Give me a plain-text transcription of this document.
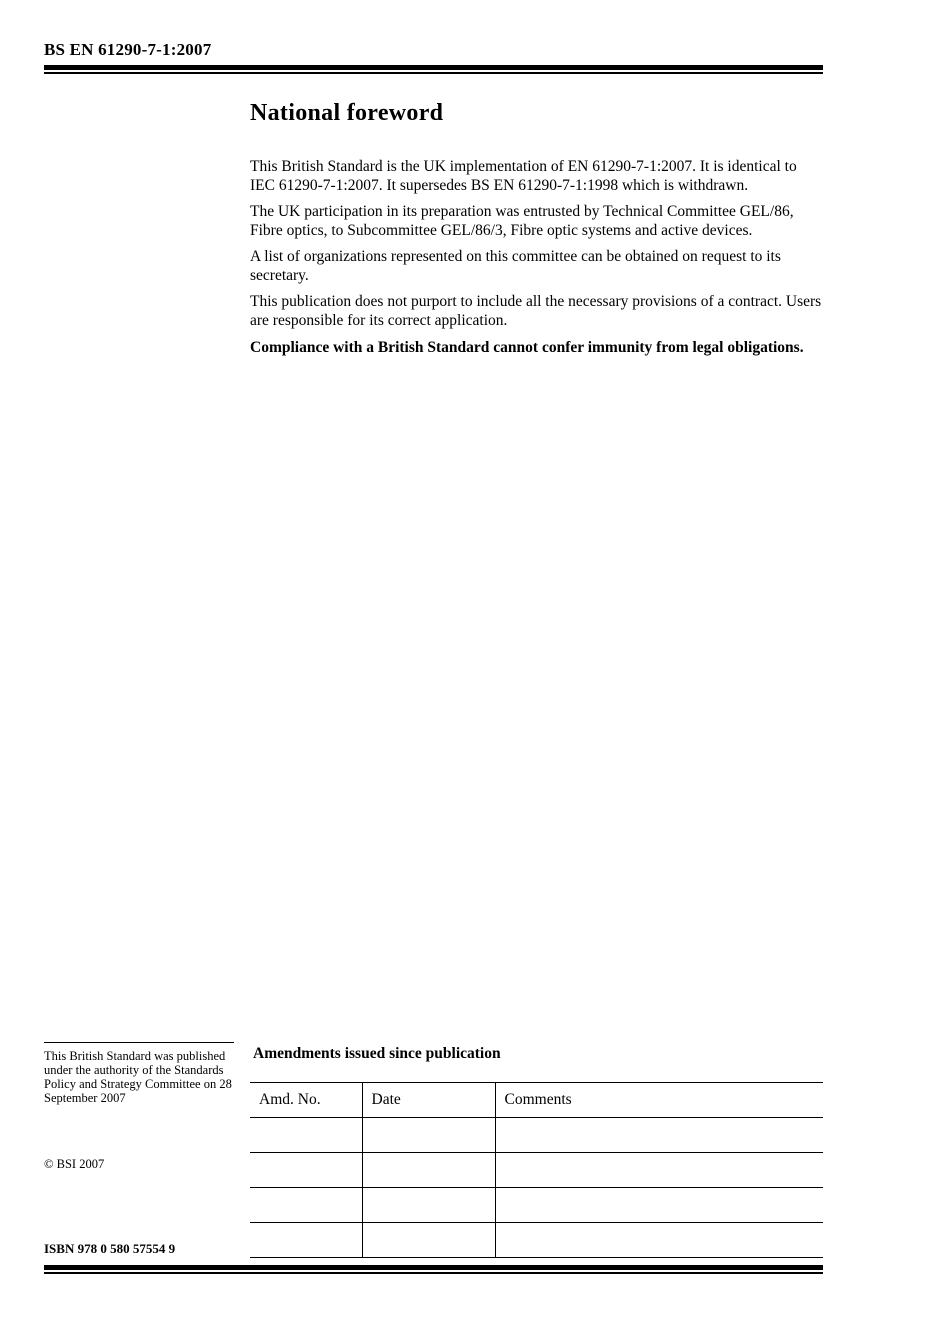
BS EN 61290-7-1:2007
National foreword

This British Standard is the UK implementation of EN 61290-7-1:2007. It is identical to IEC 61290-7-1:2007. It supersedes BS EN 61290-7-1:1998 which is withdrawn.

The UK participation in its preparation was entrusted by Technical Committee GEL/86, Fibre optics, to Subcommittee GEL/86/3, Fibre optic systems and active devices.

A list of organizations represented on this committee can be obtained on request to its secretary.

This publication does not purport to include all the necessary provisions of a contract. Users are responsible for its correct application.

Compliance with a British Standard cannot confer immunity from legal obligations.

This British Standard was published under the authority of the Standards Policy and Strategy Committee on 28 September 2007

© BSI 2007
ISBN 978 0 580 57554 9
Amendments issued since publication
Amd. No.	Date	Comments
